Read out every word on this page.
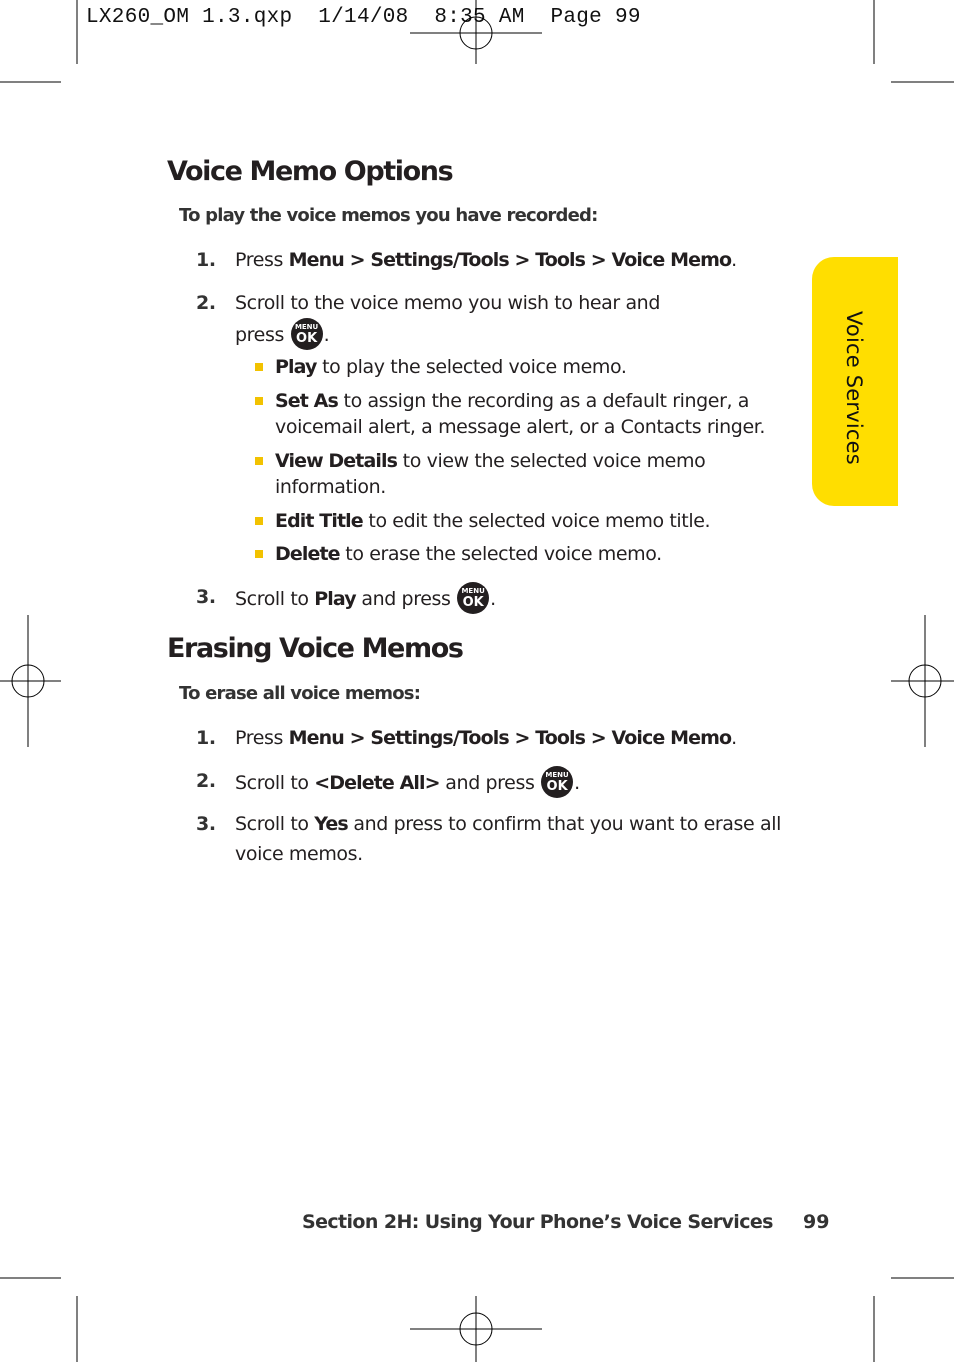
LX260_OM 1.3.qxp  1/14/08  8:35 AM  Page 99
Voice Services
Voice Memo Options

To play the voice memos you have recorded:

1. Press Menu > Settings/Tools > Tools > Voice Memo.
2. Scroll to the voice memo you wish to hear and
press MENU
OK .
Play to play the selected voice memo.
Set As to assign the recording as a default ringer, a voicemail alert, a message alert, or a Contacts ringer.
View Details to view the selected voice memo information.
Edit Title to edit the selected voice memo title.
Delete to erase the selected voice memo.
3. Scroll to Play and press MENU
OK .
Erasing Voice Memos

To erase all voice memos:

1. Press Menu > Settings/Tools > Tools > Voice Memo.
2. Scroll to <Delete All> and press MENU
OK .
3. Scroll to Yes and press to confirm that you want to erase all voice memos.
Section 2H: Using Your Phone’s Voice Services 99
